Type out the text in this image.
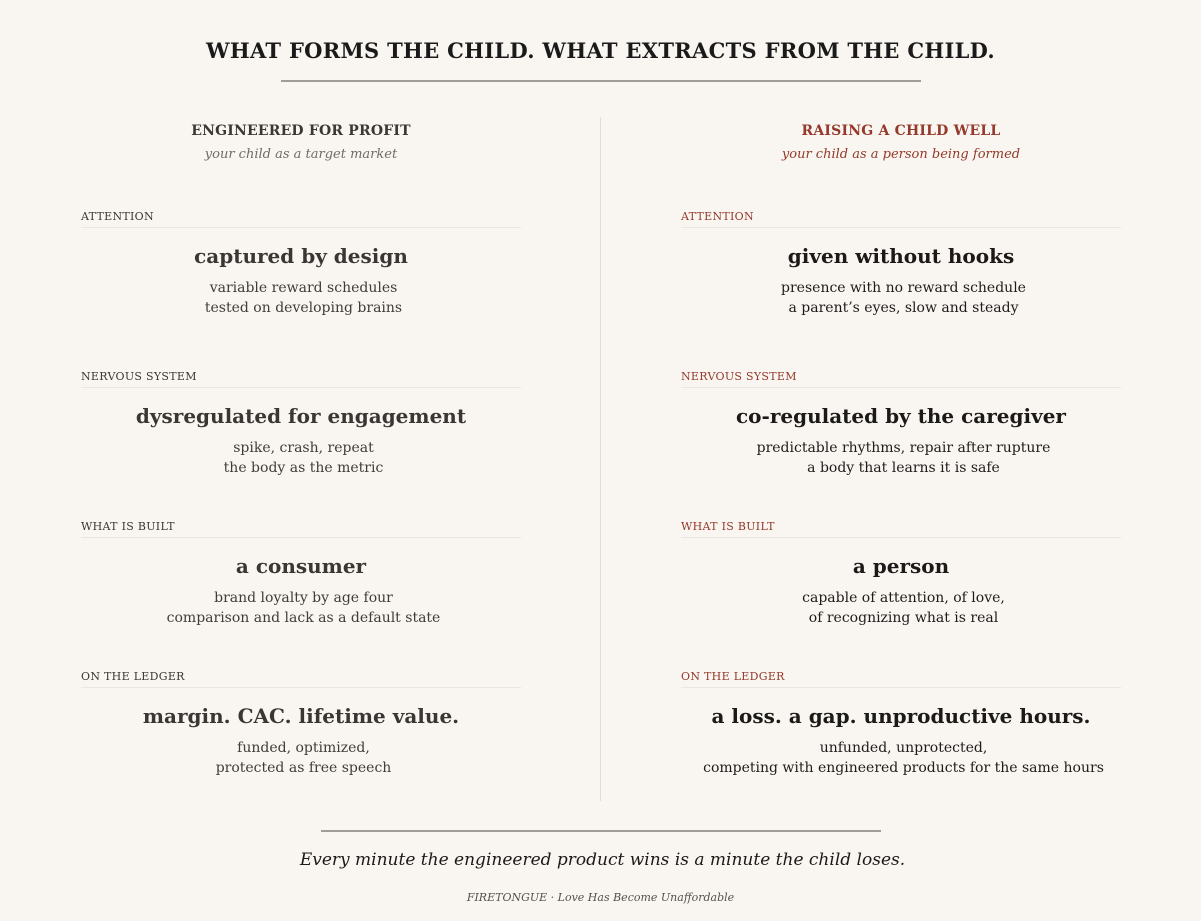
WHAT FORMS THE CHILD. WHAT EXTRACTS FROM THE CHILD.
ENGINEERED FOR PROFIT
your child as a target market
ATTENTION
captured by design
variable reward schedules
tested on developing brains
NERVOUS SYSTEM
dysregulated for engagement
spike, crash, repeat
the body as the metric
WHAT IS BUILT
a consumer
brand loyalty by age four
comparison and lack as a default state
ON THE LEDGER
margin. CAC. lifetime value.
funded, optimized,
protected as free speech
RAISING A CHILD WELL
your child as a person being formed
ATTENTION
given without hooks
presence with no reward schedule
a parent’s eyes, slow and steady
NERVOUS SYSTEM
co-regulated by the caregiver
predictable rhythms, repair after rupture
a body that learns it is safe
WHAT IS BUILT
a person
capable of attention, of love,
of recognizing what is real
ON THE LEDGER
a loss. a gap. unproductive hours.
unfunded, unprotected,
competing with engineered products for the same hours
Every minute the engineered product wins is a minute the child loses.
FIRETONGUE · Love Has Become Unaffordable
